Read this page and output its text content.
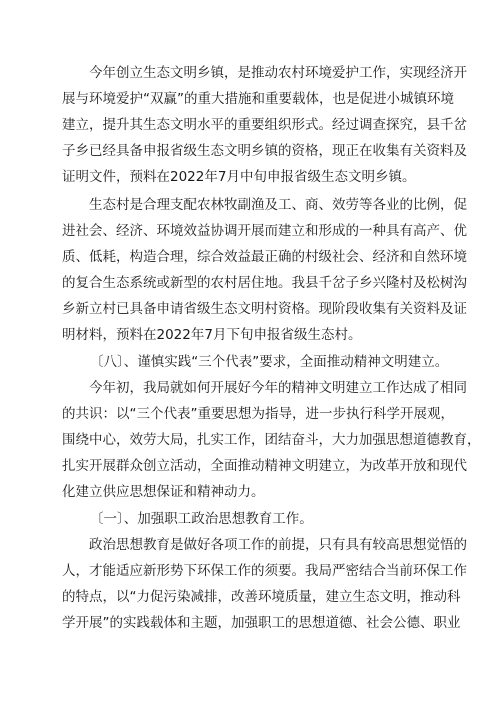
今年创立生态文明乡镇，是推动农村环境爱护工作，实现经济开
展与环境爱护“双赢”的重大措施和重要载体，也是促进小城镇环境
建立，提升其生态文明水平的重要组织形式。经过调查探究，县千岔
子乡已经具备申报省级生态文明乡镇的资格，现正在收集有关资料及
证明文件，预料在2022年7月中旬申报省级生态文明乡镇。
生态村是合理支配农林牧副渔及工、商、效劳等各业的比例，促
进社会、经济、环境效益协调开展而建立和形成的一种具有高产、优
质、低耗，构造合理，综合效益最正确的村级社会、经济和自然环境
的复合生态系统或新型的农村居住地。我县千岔子乡兴隆村及松树沟
乡新立村已具备申请省级生态文明村资格。现阶段收集有关资料及证
明材料，预料在2022年7月下旬申报省级生态村。
〔八〕、谨慎实践“三个代表”要求，全面推动精神文明建立。
今年初，我局就如何开展好今年的精神文明建立工作达成了相同
的共识：以“三个代表”重要思想为指导，进一步执行科学开展观，
围绕中心，效劳大局，扎实工作，团结奋斗，大力加强思想道德教育，
扎实开展群众创立活动，全面推动精神文明建立，为改革开放和现代
化建立供应思想保证和精神动力。
〔一〕、加强职工政治思想教育工作。
政治思想教育是做好各项工作的前提，只有具有较高思想觉悟的
人，才能适应新形势下环保工作的须要。我局严密结合当前环保工作
的特点，以“力促污染减排，改善环境质量，建立生态文明，推动科
学开展”的实践载体和主题，加强职工的思想道德、社会公德、职业
